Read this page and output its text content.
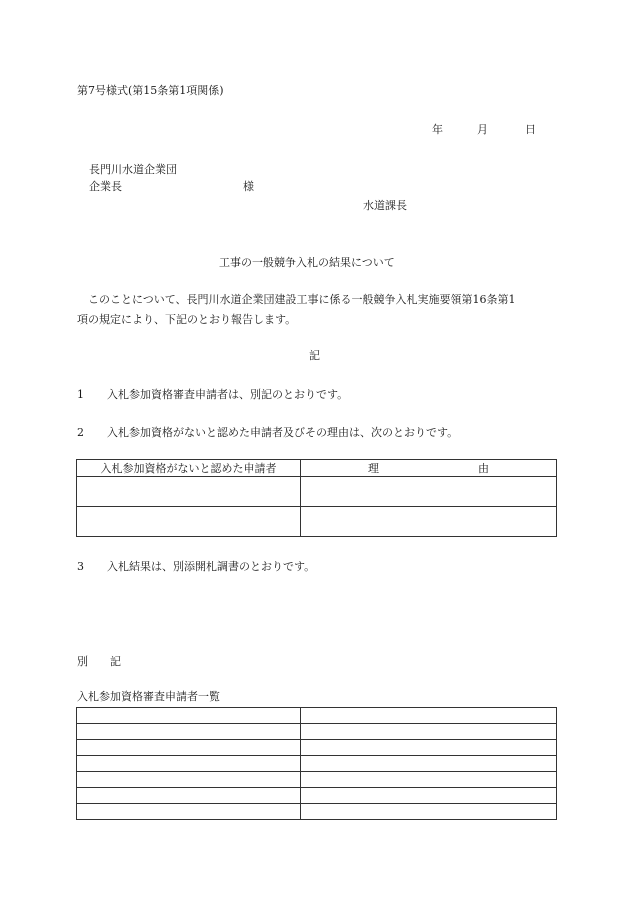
第7号様式(第15条第1項関係)
年	月	日
長門川水道企業団
企業長	様
水道課長
工事の一般競争入札の結果について
このことについて、長門川水道企業団建設工事に係る一般競争入札実施要領第16条第1
項の規定により、下記のとおり報告します。
記
1 入札参加資格審査申請者は、別記のとおりです。
2 入札参加資格がないと認めた申請者及びその理由は、次のとおりです。
入札参加資格がないと認めた申請者	理　　　　　　　　　由

3 入札結果は、別添開札調書のとおりです。
別　　記
入札参加資格審査申請者一覧
